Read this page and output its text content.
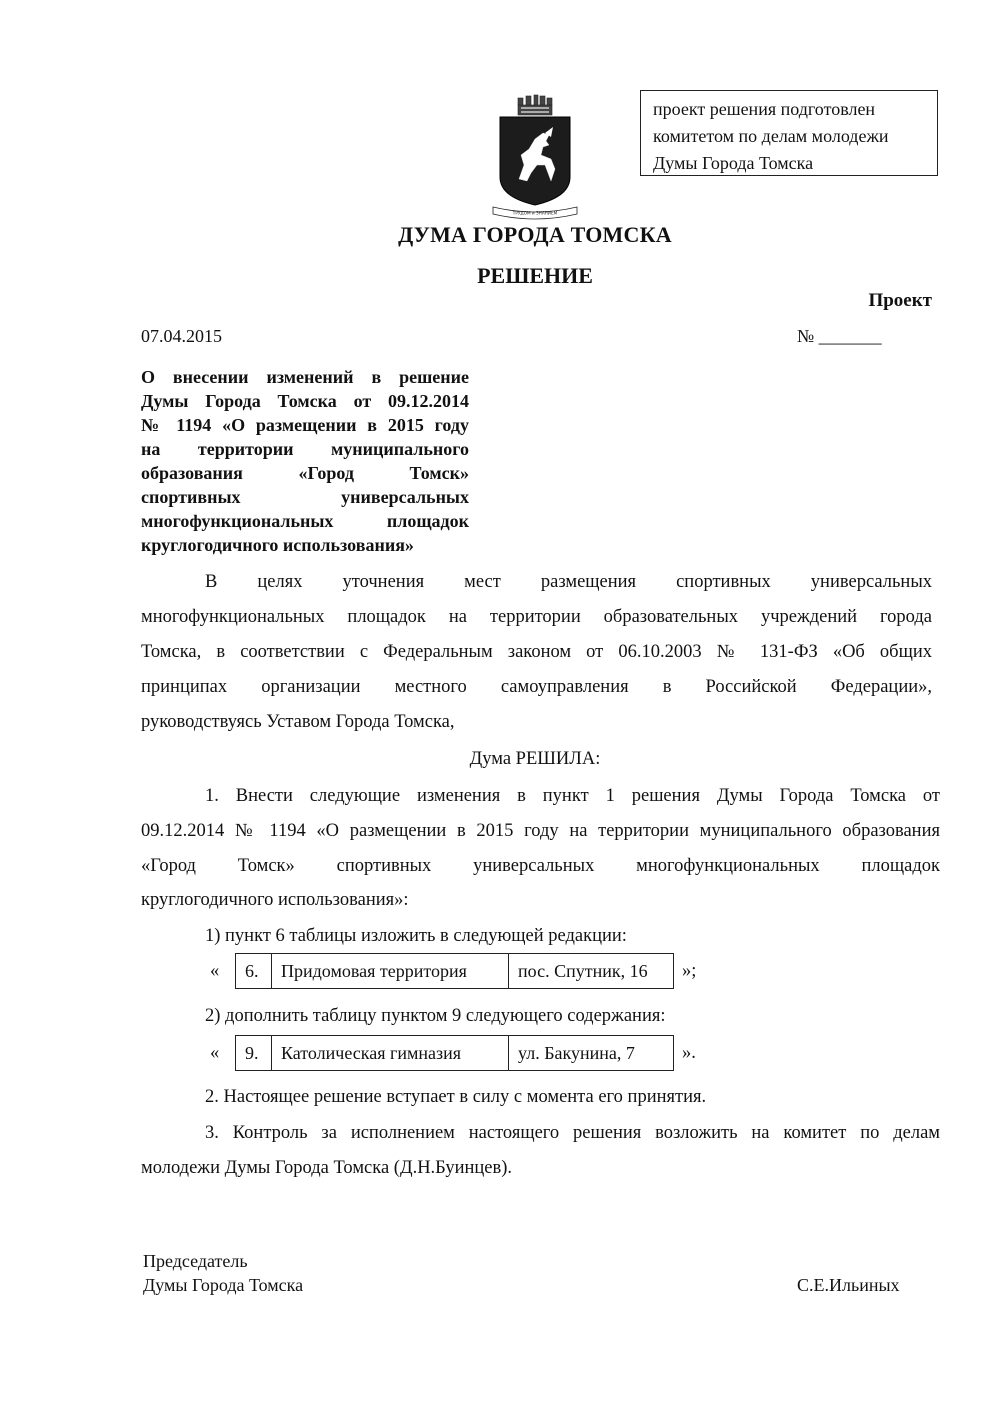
проект решения подготовлен
комитетом по делам молодежи
Думы Города Томска
ТРУДОМ и ЗНАНИЕМ
ДУМА ГОРОДА ТОМСКА
РЕШЕНИЕ
Проект
07.04.2015	№ _______
О внесении изменений в решение
Думы Города Томска от 09.12.2014
№ 1194 «О размещении в 2015 году
на территории муниципального
образования «Город Томск»
спортивных универсальных
многофункциональных площадок
круглогодичного использования»
В целях уточнения мест размещения спортивных универсальных
многофункциональных площадок на территории образовательных учреждений города
Томска, в соответствии с Федеральным законом от 06.10.2003 № 131-ФЗ «Об общих
принципах организации местного самоуправления в Российской Федерации»,
руководствуясь Уставом Города Томска,
Дума РЕШИЛА:
1. Внести следующие изменения в пункт 1 решения Думы Города Томска от
09.12.2014 № 1194 «О размещении в 2015 году на территории муниципального образования
«Город Томск» спортивных универсальных многофункциональных площадок
круглогодичного использования»:
1) пункт 6 таблицы изложить в следующей редакции:
« 6.	Придомовая территория	пос. Спутник, 16 »;
2) дополнить таблицу пунктом 9 следующего содержания:
« 9.	Католическая гимназия	ул. Бакунина, 7	».
2. Настоящее решение вступает в силу с момента его принятия.
3. Контроль за исполнением настоящего решения возложить на комитет по делам
молодежи Думы Города Томска (Д.Н.Буинцев).
Председатель
Думы Города Томска	С.Е.Ильиных
